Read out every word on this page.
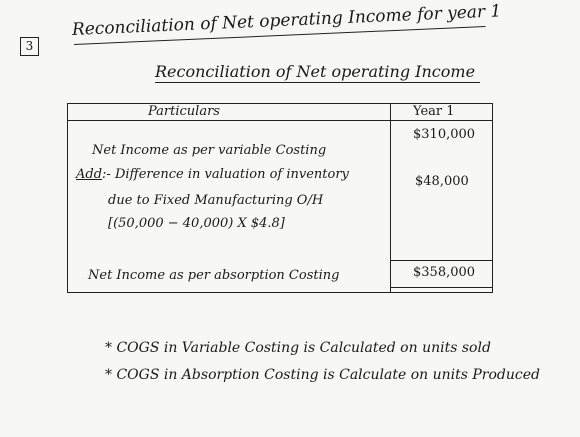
3
Reconciliation of Net operating Income for year 1
Reconciliation of Net operating Income
Particulars	Year 1
Net Income as per variable Costing
Add:- Difference in valuation of inventory
due to Fixed Manufacturing O/H
[(50,000 − 40,000) X $4.8]
Net Income as per absorption Costing
$310,000
$48,000
$358,000
* COGS in Variable Costing is Calculated on units sold
* COGS in Absorption Costing is Calculate on units Produced
